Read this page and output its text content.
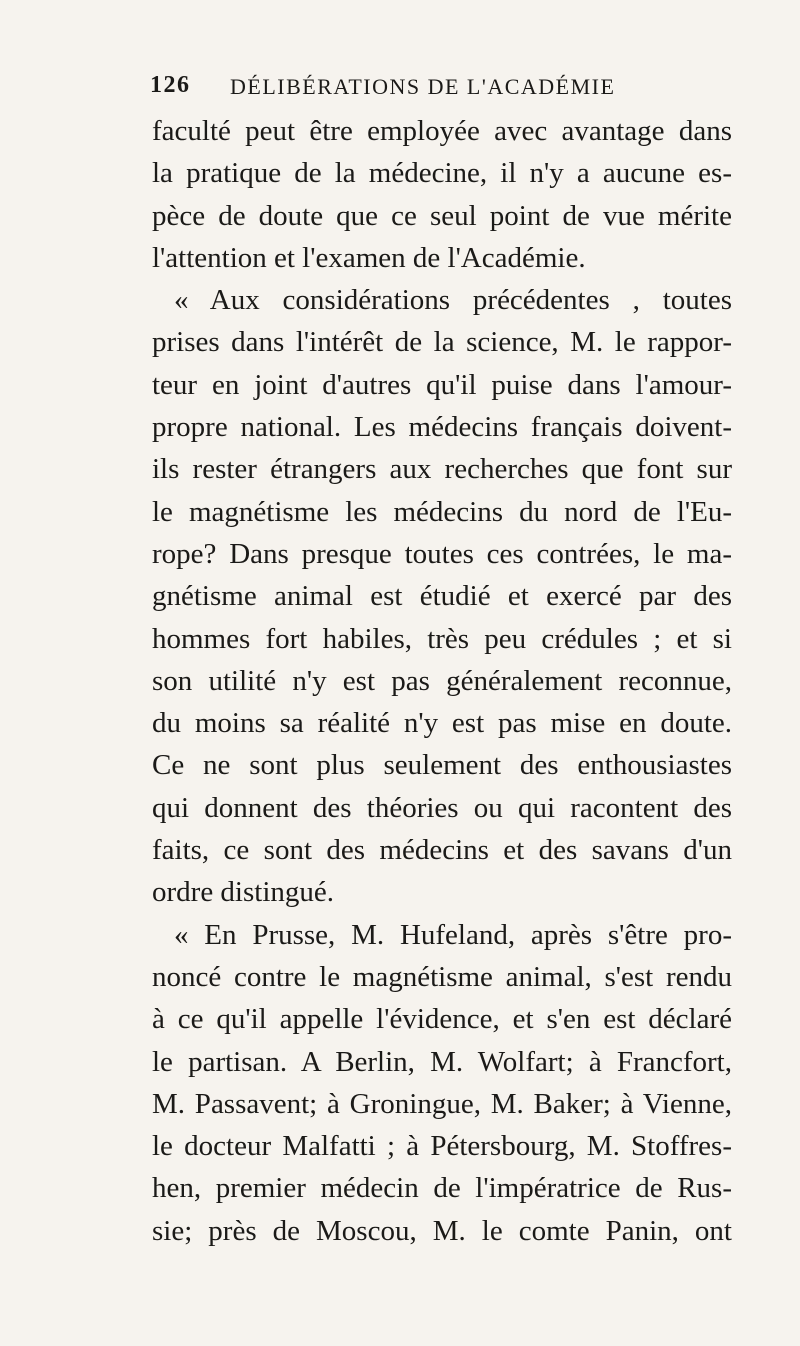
126 DÉLIBÉRATIONS DE L'ACADÉMIE
faculté peut être employée avec avantage dans
la pratique de la médecine, il n'y a aucune es-
pèce de doute que ce seul point de vue mérite
l'attention et l'examen de l'Académie.
« Aux considérations précédentes , toutes
prises dans l'intérêt de la science, M. le rappor-
teur en joint d'autres qu'il puise dans l'amour-
propre national. Les médecins français doivent-
ils rester étrangers aux recherches que font sur
le magnétisme les médecins du nord de l'Eu-
rope? Dans presque toutes ces contrées, le ma-
gnétisme animal est étudié et exercé par des
hommes fort habiles, très peu crédules ; et si
son utilité n'y est pas généralement reconnue,
du moins sa réalité n'y est pas mise en doute.
Ce ne sont plus seulement des enthousiastes
qui donnent des théories ou qui racontent des
faits, ce sont des médecins et des savans d'un
ordre distingué.
« En Prusse, M. Hufeland, après s'être pro-
noncé contre le magnétisme animal, s'est rendu
à ce qu'il appelle l'évidence, et s'en est déclaré
le partisan. A Berlin, M. Wolfart; à Francfort,
M. Passavent; à Groningue, M. Baker; à Vienne,
le docteur Malfatti ; à Pétersbourg, M. Stoffres-
hen, premier médecin de l'impératrice de Rus-
sie; près de Moscou, M. le comte Panin, ont
